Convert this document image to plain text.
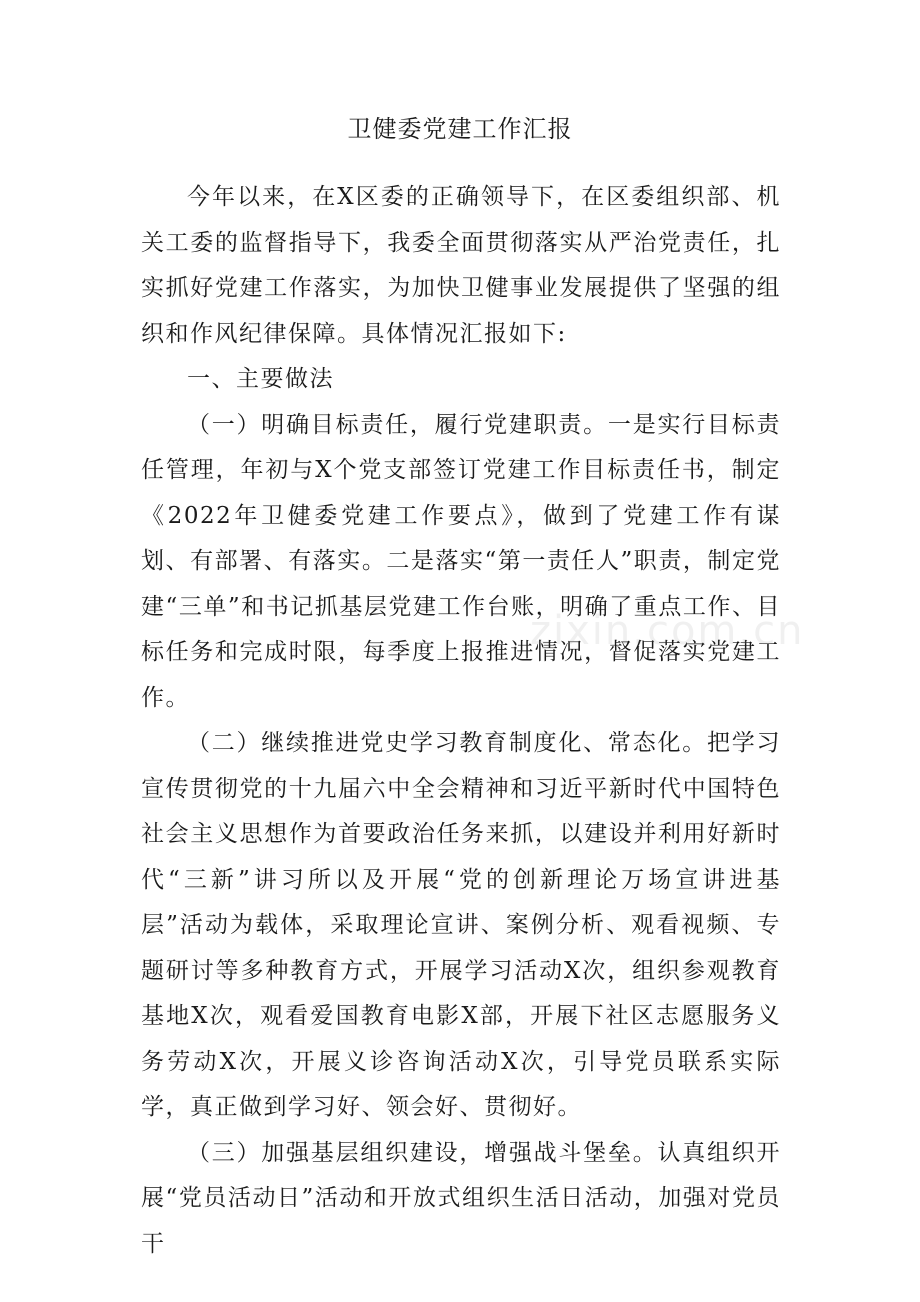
卫健委党建工作汇报

今年以来，在X区委的正确领导下，在区委组织部、机关工委的监督指导下，我委全面贯彻落实从严治党责任，扎实抓好党建工作落实，为加快卫健事业发展提供了坚强的组织和作风纪律保障。具体情况汇报如下:

一、主要做法

（一）明确目标责任，履行党建职责。一是实行目标责任管理，年初与X个党支部签订党建工作目标责任书，制定《2022年卫健委党建工作要点》，做到了党建工作有谋划、有部署、有落实。二是落实“第一责任人”职责，制定党建“三单”和书记抓基层党建工作台账，明确了重点工作、目标任务和完成时限，每季度上报推进情况，督促落实党建工作。

（二）继续推进党史学习教育制度化、常态化。把学习宣传贯彻党的十九届六中全会精神和习近平新时代中国特色社会主义思想作为首要政治任务来抓，以建设并利用好新时代“三新”讲习所以及开展“党的创新理论万场宣讲进基层”活动为载体，采取理论宣讲、案例分析、观看视频、专题研讨等多种教育方式，开展学习活动X次，组织参观教育基地X次，观看爱国教育电影X部，开展下社区志愿服务义务劳动X次，开展义诊咨询活动X次，引导党员联系实际学，真正做到学习好、领会好、贯彻好。

（三）加强基层组织建设，增强战斗堡垒。认真组织开展“党员活动日”活动和开放式组织生活日活动，加强对党员干

zixin.com.cn
